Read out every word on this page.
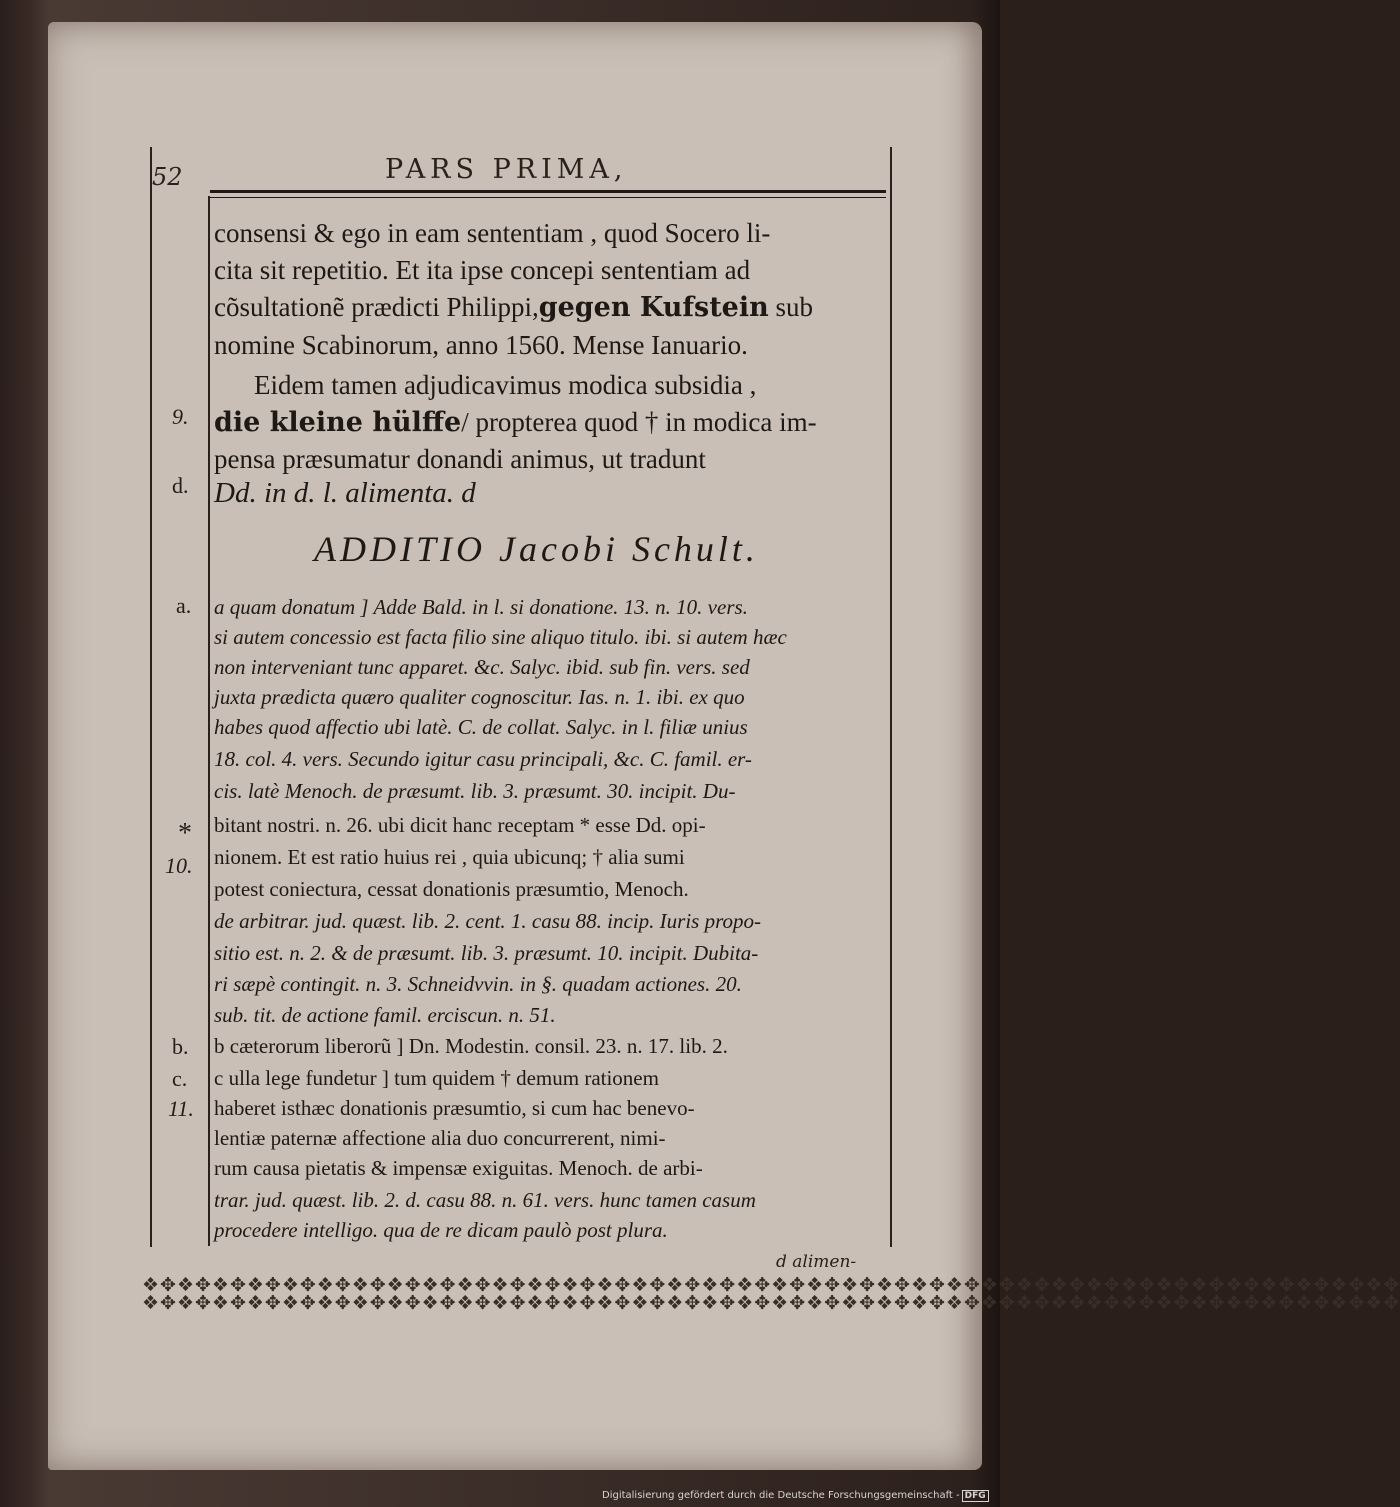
52	PARS PRIMA,
consensi & ego in eam sententiam , quod Socero li-
cita sit repetitio. Et ita ipse concepi sententiam ad
cõsultationẽ prædicti Philippi,gegen Kufstein sub
nomine Scabinorum, anno 1560. Mense Ianuario.
Eidem tamen adjudicavimus modica subsidia ,
die kleine hülffe/ propterea quod † in modica im-
pensa præsumatur donandi animus, ut tradunt
Dd. in d. l. alimenta. d
ADDITIO Jacobi Schult.
a quam donatum ] Adde Bald. in l. si donatione. 13. n. 10. vers.
si autem concessio est facta filio sine aliquo titulo. ibi. si autem hæc
non interveniant tunc apparet. &c. Salyc. ibid. sub fin. vers. sed
juxta prædicta quæro qualiter cognoscitur. Ias. n. 1. ibi. ex quo
habes quod affectio ubi latè. C. de collat. Salyc. in l. filiæ unius
18. col. 4. vers. Secundo igitur casu principali, &c. C. famil. er-
cis. latè Menoch. de præsumt. lib. 3. præsumt. 30. incipit. Du-
bitant nostri. n. 26. ubi dicit hanc receptam * esse Dd. opi-
nionem. Et est ratio huius rei , quia ubicunq; † alia sumi
potest coniectura, cessat donationis præsumtio, Menoch.
de arbitrar. jud. quæst. lib. 2. cent. 1. casu 88. incip. Iuris propo-
sitio est. n. 2. & de præsumt. lib. 3. præsumt. 10. incipit. Dubita-
ri sæpè contingit. n. 3. Schneidvvin. in §. quadam actiones. 20.
sub. tit. de actione famil. erciscun. n. 51.
b cæterorum liberorũ ] Dn. Modestin. consil. 23. n. 17. lib. 2.
c ulla lege fundetur ] tum quidem † demum rationem
haberet isthæc donationis præsumtio, si cum hac benevo-
lentiæ paternæ affectione alia duo concurrerent, nimi-
rum causa pietatis & impensæ exiguitas. Menoch. de arbi-
trar. jud. quæst. lib. 2. d. casu 88. n. 61. vers. hunc tamen casum
procedere intelligo. qua de re dicam paulò post plura.
9.
d.
a.
*
10.
b.
c.
11.
d alimen-
❖✥❖✥❖✥❖✥❖✥❖✥❖✥❖✥❖✥❖✥❖✥❖✥❖✥❖✥❖✥❖✥❖✥❖✥❖✥❖✥❖✥❖✥❖✥❖✥❖✥❖✥❖✥❖✥❖✥❖✥❖✥❖✥❖✥❖✥❖✥❖✥
❖✥❖✥❖✥❖✥❖✥❖✥❖✥❖✥❖✥❖✥❖✥❖✥❖✥❖✥❖✥❖✥❖✥❖✥❖✥❖✥❖✥❖✥❖✥❖✥❖✥❖✥❖✥❖✥❖✥❖✥❖✥❖✥❖✥❖✥❖✥❖✥
Digitalisierung gefördert durch die Deutsche Forschungsgemeinschaft - DFG
